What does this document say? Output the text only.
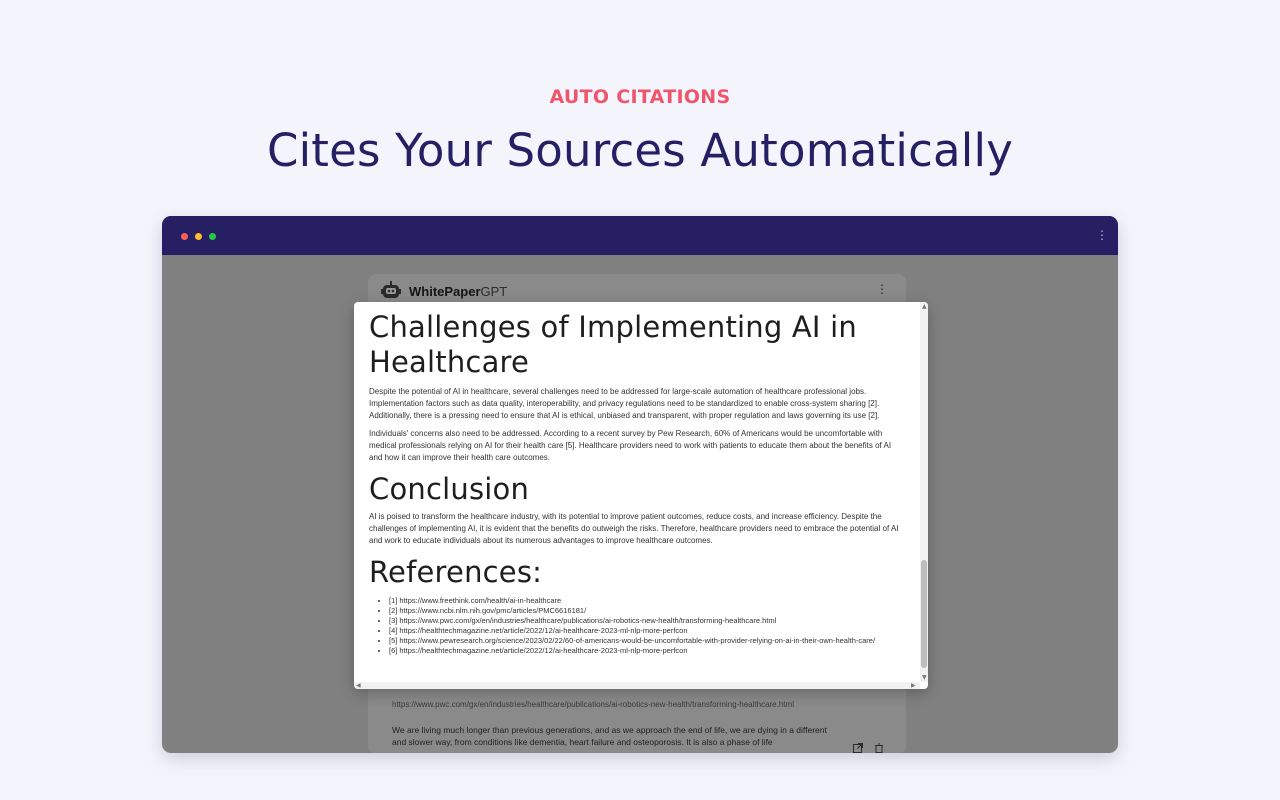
AUTO CITATIONS
Cites Your Sources Automatically
⋮
WhitePaperGPT	⋮
https://www.pwc.com/gx/en/industries/healthcare/publications/ai-robotics-new-health/transforming-healthcare.html
We are living much longer than previous generations, and as we approach the end of life, we are dying in a different and slower way, from conditions like dementia, heart failure and osteoporosis. It is also a phase of life
Challenges of Implementing AI in Healthcare

Despite the potential of AI in healthcare, several challenges need to be addressed for large-scale automation of healthcare professional jobs. Implementation factors such as data quality, interoperability, and privacy regulations need to be standardized to enable cross-system sharing [2]. Additionally, there is a pressing need to ensure that AI is ethical, unbiased and transparent, with proper regulation and laws governing its use [2].

Individuals' concerns also need to be addressed. According to a recent survey by Pew Research, 60% of Americans would be uncomfortable with medical professionals relying on AI for their health care [5]. Healthcare providers need to work with patients to educate them about the benefits of AI and how it can improve their health care outcomes.

Conclusion

AI is poised to transform the healthcare industry, with its potential to improve patient outcomes, reduce costs, and increase efficiency. Despite the challenges of implementing AI, it is evident that the benefits do outweigh the risks. Therefore, healthcare providers need to embrace the potential of AI and work to educate individuals about its numerous advantages to improve healthcare outcomes.

References:
• [1] https://www.freethink.com/health/ai-in-healthcare
• [2] https://www.ncbi.nlm.nih.gov/pmc/articles/PMC6616181/
• [3] https://www.pwc.com/gx/en/industries/healthcare/publications/ai-robotics-new-health/transforming-healthcare.html
• [4] https://healthtechmagazine.net/article/2022/12/ai-healthcare-2023-ml-nlp-more-perfcon
• [5] https://www.pewresearch.org/science/2023/02/22/60-of-americans-would-be-uncomfortable-with-provider-relying-on-ai-in-their-own-health-care/
• [6] https://healthtechmagazine.net/article/2022/12/ai-healthcare-2023-ml-nlp-more-perfcon
▲
▼
◀	▶
